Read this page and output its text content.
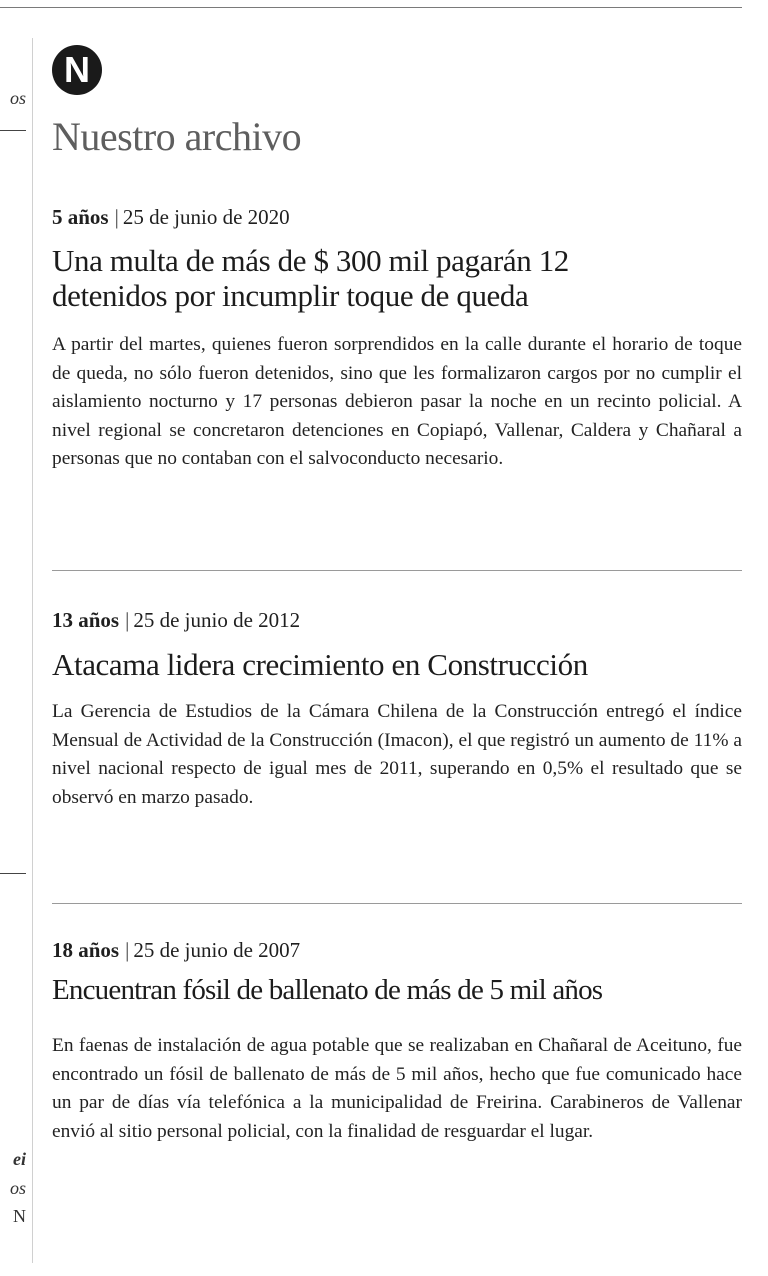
os
ei
os
N
N
Nuestro archivo
5 años | 25 de junio de 2020
Una multa de más de $ 300 mil pagarán 12
detenidos por incumplir toque de queda

A partir del martes, quienes fueron sorprendidos en la calle durante el horario de toque de queda, no sólo fueron detenidos, sino que les formalizaron cargos por no cumplir el aislamiento nocturno y 17 personas debieron pasar la noche en un recinto policial. A nivel regional se concretaron detenciones en Copiapó, Vallenar, Caldera y Chañaral a personas que no contaban con el salvoconducto necesario.

13 años | 25 de junio de 2012
Atacama lidera crecimiento en Construcción

La Gerencia de Estudios de la Cámara Chilena de la Construcción entregó el índice Mensual de Actividad de la Construcción (Imacon), el que registró un aumento de 11% a nivel nacional respecto de igual mes de 2011, superando en 0,5% el resultado que se observó en marzo pasado.

18 años | 25 de junio de 2007
Encuentran fósil de ballenato de más de 5 mil años

En faenas de instalación de agua potable que se realizaban en Chañaral de Aceituno, fue encontrado un fósil de ballenato de más de 5 mil años, hecho que fue comunicado hace un par de días vía telefónica a la municipalidad de Freirina. Carabineros de Vallenar envió al sitio personal policial, con la finalidad de resguardar el lugar.
